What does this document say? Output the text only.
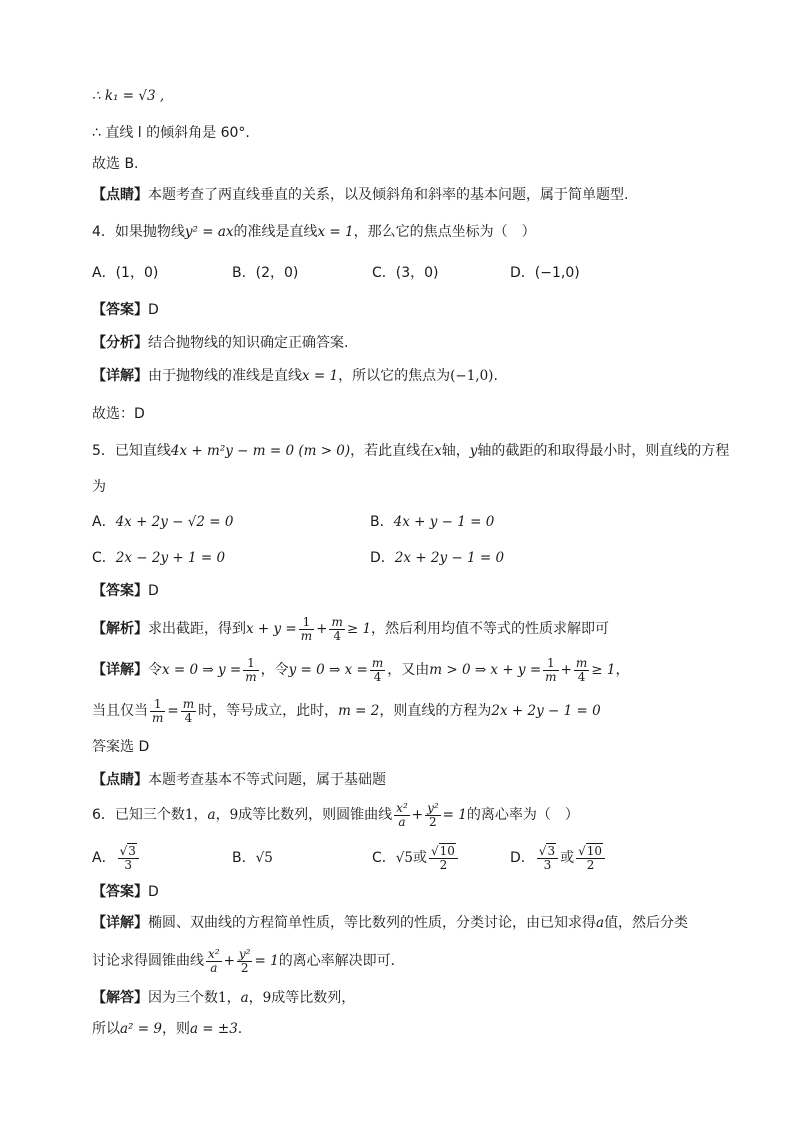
∴ k₁ = √3 ,
∴ 直线 l 的倾斜角是 60°.
故选 B.
【点睛】本题考查了两直线垂直的关系，以及倾斜角和斜率的基本问题，属于简单题型.
4．如果抛物线y² = ax的准线是直线x = 1，那么它的焦点坐标为（　）
A．(1，0)	B．(2，0)	C．(3，0)	D．(−1,0)
【答案】D
【分析】结合抛物线的知识确定正确答案.
【详解】由于抛物线的准线是直线x = 1，所以它的焦点为(−1,0).
故选：D
5．已知直线4x + m²y − m = 0 (m > 0)，若此直线在x轴，y轴的截距的和取得最小时，则直线的方程
为
A．4x + 2y − √2 = 0	B．4x + y − 1 = 0
C．2x − 2y + 1 = 0	D．2x + 2y − 1 = 0
【答案】D
【解析】求出截距，得到$x + y = \frac{1}{m} + \frac{m}{4} \ge 1$，然后利用均值不等式的性质求解即可
【详解】令x = 0 ⇒ $y = \frac{1}{m}$ ，令y = 0 ⇒ $x = \frac{m}{4}$ ，又由m > 0 ⇒ $x + y = \frac{1}{m} + \frac{m}{4} \ge 1$，
当且仅当 $\frac{1}{m} = \frac{m}{4}$ 时，等号成立，此时，m = 2，则直线的方程为2x + 2y − 1 = 0
答案选 D
【点睛】本题考查基本不等式问题，属于基础题
6．已知三个数1，a，9成等比数列，则圆锥曲线 $\frac{\text{x²}}{a} + \frac{\text{y²}}{2} = 1$的离心率为（　）
A． $\frac{√3}{3}$	B．√5	C．√5或 $\frac{√10}{2}$	D． $\frac{√3}{3}$ 或 $\frac{√10}{2}$
【答案】D
【详解】椭圆、双曲线的方程简单性质，等比数列的性质，分类讨论，由已知求得a值，然后分类
讨论求得圆锥曲线 $\frac{\text{x²}}{a} + \frac{\text{y²}}{2} = 1$的离心率解决即可.
【解答】因为三个数1，a，9成等比数列，
所以a² = 9，则a = ±3.
